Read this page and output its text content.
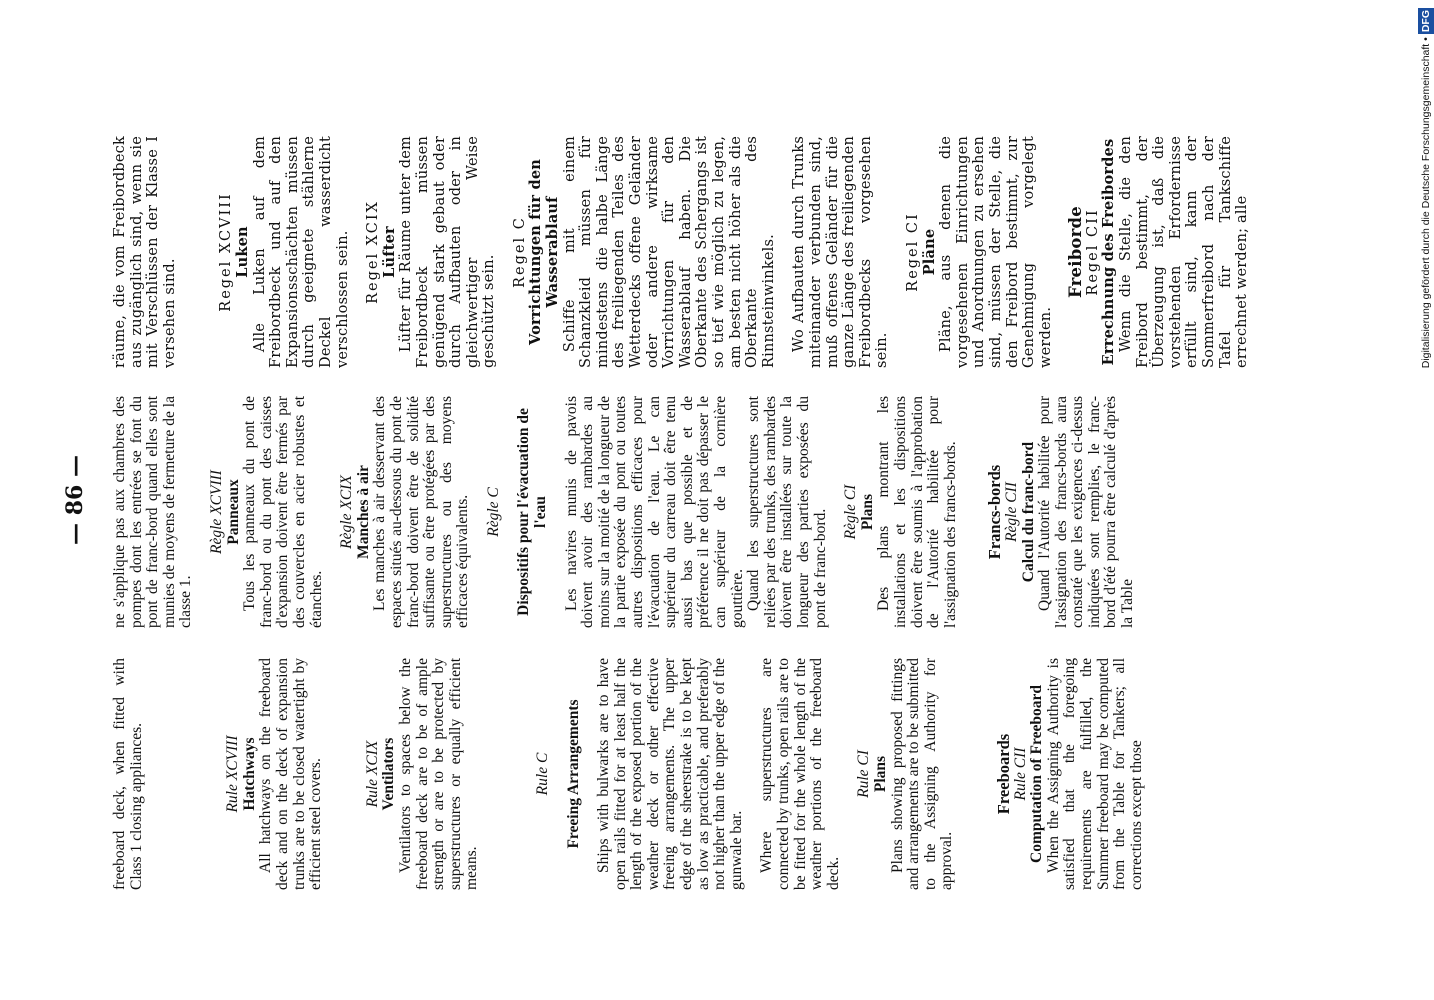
— 86 —

freeboard deck, when fitted with Class 1 closing appliances.	Rule XCVIII Hatchways All hatchways on the freeboard deck and on the deck of expansion trunks are to be closed watertight by efficient steel covers.	Rule XCIX Ventilators Ventilators to spaces below the freeboard deck are to be of ample strength or are to be protected by superstructures or equally efficient means.

Rule C Freeing Arrangements Ships with bulwarks are to have open rails fitted for at least half the length of the exposed portion of the weather deck or other effective freeing arrangements. The upper edge of the sheerstrake is to be kept as low as practicable, and preferably not higher than the upper edge of the gunwale bar. Where superstructures are connected by trunks, open rails are to be fitted for the whole length of the weather portions of the freeboard deck.

Rule CI Plans Plans showing proposed fittings and arrangements are to be submitted to the Assigning Authority for approval.

Freeboards

Rule CII Computation of Freeboard When the Assigning Authority is satisfied that the foregoing requirements are fulfilled, the Summer freeboard may be computed from the Table for Tankers; all corrections except those

ne s'applique pas aux chambres des pompes dont les entrées se font du pont de franc-bord quand elles sont munies de moyens de fermeture de la classe 1.

Règle XCVIII Panneaux Tous les panneaux du pont de franc-bord ou du pont des caisses d'expansion doivent être fermés par des couvercles en acier robustes et étanches.

Règle XCIX Manches à air Les manches à air desservant des espaces situés au-dessous du pont de franc-bord doivent être de solidité suffisante ou être protégées par des superstructures ou des moyens efficaces équivalents. Règle C Dispositifs pour l'évacuation de l'eau Les navires munis de pavois doivent avoir des rambardes au moins sur la moitié de la longueur de la partie exposée du pont ou toutes autres dispositions efficaces pour l'évacuation de l'eau. Le can supérieur du carreau doit être tenu aussi bas que possible et de préférence il ne doit pas dépasser le can supérieur de la cornière gouttière. Quand les superstructures sont reliées par des trunks, des rambardes doivent être installées sur toute la longueur des parties exposées du pont de franc-bord. Règle CI Plans Des plans montrant les installations et les dispositions doivent être soumis à l'approbation de l'Autorité habilitée pour l'assignation des francs-bords. Francs-bords

Règle CII Calcul du franc-bord Quand l'Autorité habilitée pour l'assignation des francs-bords aura constaté que les exigences ci-dessus indiquées sont remplies, le franc-bord d'été pourra être calculé d'après la Table

räume, die vom Freibordbeck aus zugänglich sind, wenn sie mit Verschlüssen der Klasse I versehen sind.

Regel XCVIII Luken Alle Luken auf dem Freibordbeck und auf den Expansionsschächten müssen durch geeignete stählerne Deckel wasserdicht verschlossen sein. Regel XCIX Lüfter Lüfter für Räume unter dem Freibordbeck müssen genügend stark gebaut oder durch Aufbauten oder in gleichwertiger Weise geschützt sein.

Regel C Vorrichtungen für den Wasserablauf Schiffe mit einem Schanzkleid müssen für mindestens die halbe Länge des freiliegenden Teiles des Wetterdecks offene Geländer oder andere wirksame Vorrichtungen für den Wasserablauf haben. Die Oberkante des Schergangs ist so tief wie möglich zu legen, am besten nicht höher als die Oberkante des Rinnsteinwinkels. Wo Aufbauten durch Trunks miteinander verbunden sind, muß offenes Geländer für die ganze Länge des freiliegenden Freibordbecks vorgesehen sein.

Regel CI Pläne Pläne, aus denen die vorgesehenen Einrichtungen und Anordnungen zu ersehen sind, müssen der Stelle, die den Freibord bestimmt, zur Genehmigung vorgelegt werden.

Freiborde Regel CII Errechnung des Freibordes Wenn die Stelle, die den Freibord bestimmt, der Überzeugung ist, daß die vorstehenden Erfordernisse erfüllt sind, kann der Sommerfreibord nach der Tafel für Tankschiffe errechnet werden; alle	Digitalisierung gefördert durch die Deutsche Forschungsgemeinschaft •DFG
